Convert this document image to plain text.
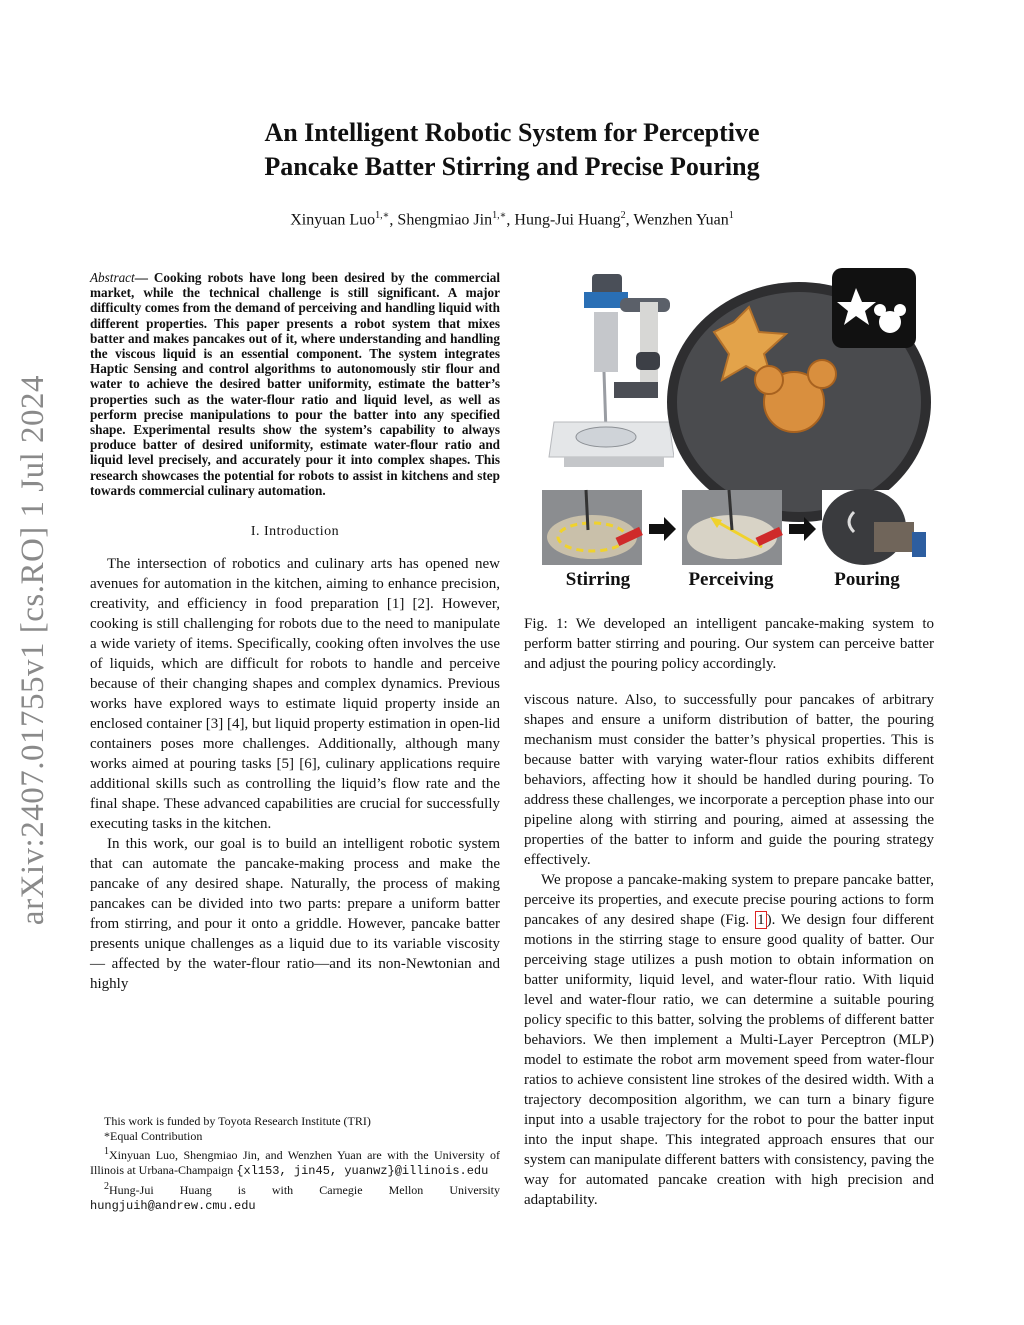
arXiv:2407.01755v1 [cs.RO] 1 Jul 2024
An Intelligent Robotic System for Perceptive
Pancake Batter Stirring and Precise Pouring
Xinyuan Luo$^{1,∗}$, Shengmiao Jin$^{1,∗}$, Hung-Jui Huang$^2$, Wenzhen Yuan$^1$
Abstract— Cooking robots have long been desired by the commercial market, while the technical challenge is still significant. A major difficulty comes from the demand of perceiving and handling liquid with different properties. This paper presents a robot system that mixes batter and makes pancakes out of it, where understanding and handling the viscous liquid is an essential component. The system integrates Haptic Sensing and control algorithms to autonomously stir flour and water to achieve the desired batter uniformity, estimate the batter’s properties such as the water-flour ratio and liquid level, as well as perform precise manipulations to pour the batter into any specified shape. Experimental results show the system’s capability to always produce batter of desired uniformity, estimate water-flour ratio and liquid level precisely, and accurately pour it into complex shapes. This research showcases the potential for robots to assist in kitchens and step towards commercial culinary automation.
I. Introduction

The intersection of robotics and culinary arts has opened new avenues for automation in the kitchen, aiming to enhance precision, creativity, and efficiency in food preparation [1] [2]. However, cooking is still challenging for robots due to the need to manipulate a wide variety of items. Specifically, cooking often involves the use of liquids, which are difficult for robots to handle and perceive because of their changing shapes and complex dynamics. Previous works have explored ways to estimate liquid property inside an enclosed container [3] [4], but liquid property estimation in open-lid containers poses more challenges. Additionally, although many works aimed at pouring tasks [5] [6], culinary applications require additional skills such as controlling the liquid’s flow rate and the final shape. These advanced capabilities are crucial for successfully executing tasks in the kitchen.

In this work, our goal is to build an intelligent robotic system that can automate the pancake-making process and make the pancake of any desired shape. Naturally, the process of making pancakes can be divided into two parts: prepare a uniform batter from stirring, and pour it onto a griddle. However, pancake batter presents unique challenges as a liquid due to its variable viscosity — affected by the water-flour ratio—and its non-Newtonian and highly

This work is funded by Toyota Research Institute (TRI)

*Equal Contribution

$^1$Xinyuan Luo, Shengmiao Jin, and Wenzhen Yuan are with the University of Illinois at Urbana-Champaign {xl153, jin45, yuanwz}@illinois.edu

$^2$Hung-Jui Huang is with Carnegie Mellon University hungjuih@andrew.cmu.edu

Stirring	Perceiving	Pouring
Fig. 1: We developed an intelligent pancake-making system to perform batter stirring and pouring. Our system can perceive batter and adjust the pouring policy accordingly.

viscous nature. Also, to successfully pour pancakes of arbitrary shapes and ensure a uniform distribution of batter, the pouring mechanism must consider the batter’s physical properties. This is because batter with varying water-flour ratios exhibits different behaviors, affecting how it should be handled during pouring. To address these challenges, we incorporate a perception phase into our pipeline along with stirring and pouring, aimed at assessing the properties of the batter to inform and guide the pouring strategy effectively.

We propose a pancake-making system to prepare pancake batter, perceive its properties, and execute precise pouring actions to form pancakes of any desired shape (Fig. 1 ). We design four different motions in the stirring stage to ensure good quality of batter. Our perceiving stage utilizes a push motion to obtain information on batter uniformity, liquid level, and water-flour ratio. With liquid level and water-flour ratio, we can determine a suitable pouring policy specific to this batter, solving the problems of different batter behaviors. We then implement a Multi-Layer Perceptron (MLP) model to estimate the robot arm movement speed from water-flour ratios to achieve consistent line strokes of the desired width. With a trajectory decomposition algorithm, we can turn a binary figure input into a usable trajectory for the robot to pour the batter input into the input shape. This integrated approach ensures that our system can manipulate different batters with consistency, paving the way for automated pancake creation with high precision and adaptability.
